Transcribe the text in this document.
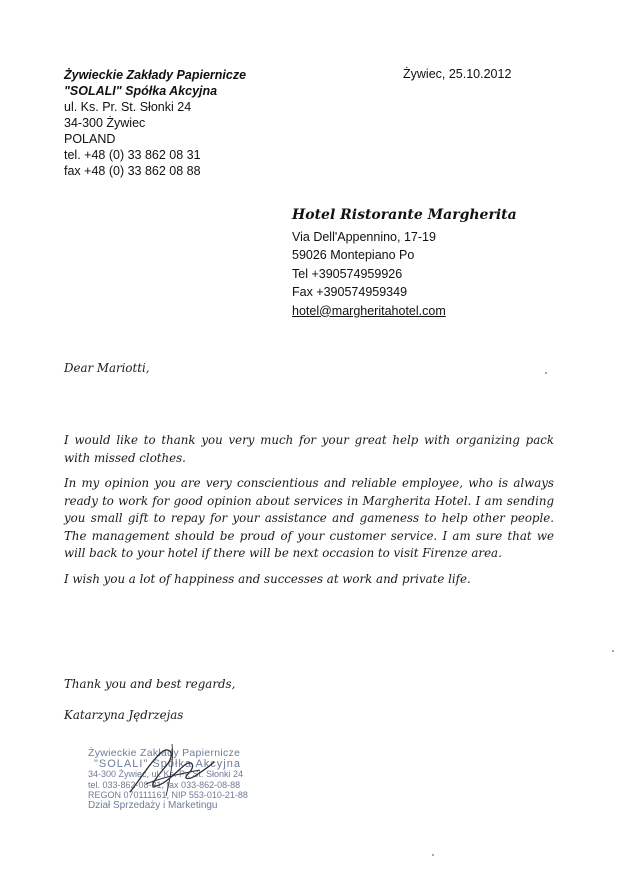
Żywieckie Zakłady Papiernicze
"SOLALI" Spółka Akcyjna
ul. Ks. Pr. St. Słonki 24
34-300 Żywiec
POLAND
tel. +48 (0) 33 862 08 31
fax +48 (0) 33 862 08 88
Żywiec, 25.10.2012
Hotel Ristorante Margherita
Via Dell'Appennino, 17-19
59026 Montepiano Po
Tel +390574959926
Fax +390574959349
hotel@margheritahotel.com
Dear Mariotti,

I would like to thank you very much for your great help with organizing pack with missed clothes.

In my opinion you are very conscientious and reliable employee, who is always ready to work for good opinion about services in Margherita Hotel. I am sending you small gift to repay for your assistance and gameness to help other people. The management should be proud of your customer service. I am sure that we will back to your hotel if there will be next occasion to visit Firenze area.

I wish you a lot of happiness and successes at work and private life.

Thank you and best regards,
Katarzyna Jędrzejas
Żywieckie Zakłady Papiernicze
"SOLALI" Spółka Akcyjna
34-300 Żywiec, ul. Ks. Pr. St. Słonki 24
tel. 033-862-08-31, fax 033-862-08-88
REGON 070111161, NIP 553-010-21-88
Dział Sprzedaży i Marketingu
